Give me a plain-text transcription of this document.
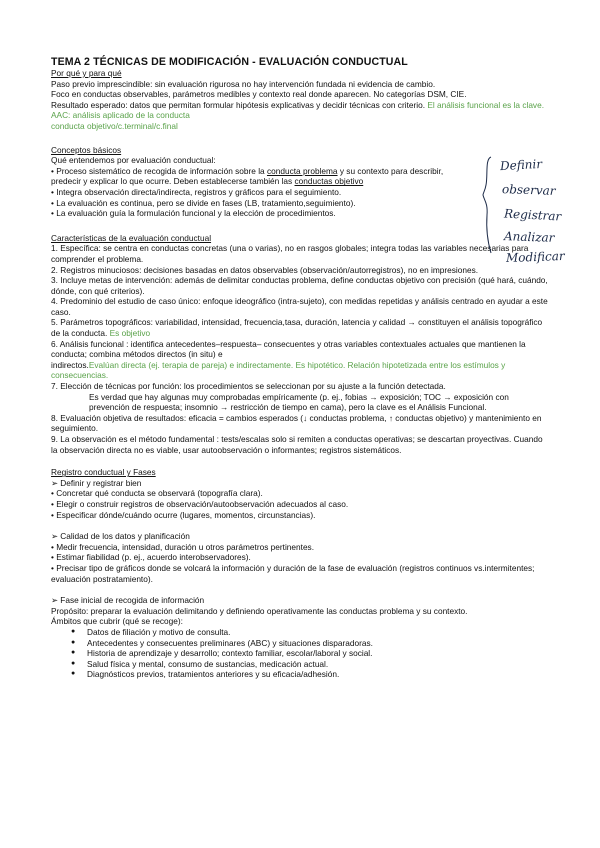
TEMA 2 TÉCNICAS DE MODIFICACIÓN - EVALUACIÓN CONDUCTUAL
Por qué y para qué
Paso previo imprescindible: sin evaluación rigurosa no hay intervención fundada ni evidencia de cambio.
Foco en conductas observables, parámetros medibles y contexto real donde aparecen. No categorías DSM, CIE.
Resultado esperado: datos que permitan formular hipótesis explicativas y decidir técnicas con criterio. El análisis funcional es la clave.
AAC: análisis aplicado de la conducta
conducta objetivo/c.terminal/c.final
Conceptos básicos
Qué entendemos por evaluación conductual:
• Proceso sistemático de recogida de información sobre la conducta problema y su contexto para describir, predecir y explicar lo que ocurre. Deben establecerse también las conductas objetivo
• Integra observación directa/indirecta, registros y gráficos para el seguimiento.
• La evaluación es continua, pero se divide en fases (LB, tratamiento,seguimiento).
• La evaluación guía la formulación funcional y la elección de procedimientos.
Características de la evaluación conductual
1. Específica: se centra en conductas concretas (una o varias), no en rasgos globales; integra todas las variables necesarias para comprender el problema.
2. Registros minuciosos: decisiones basadas en datos observables (observación/autorregistros), no en impresiones.
3. Incluye metas de intervención: además de delimitar conductas problema, define conductas objetivo con precisión (qué hará, cuándo, dónde, con qué criterios).
4. Predominio del estudio de caso único: enfoque ideográfico (intra-sujeto), con medidas repetidas y análisis centrado en ayudar a este caso.
5. Parámetros topográficos: variabilidad, intensidad, frecuencia,tasa, duración, latencia y calidad → constituyen el análisis topográfico de la conducta. Es objetivo
6. Análisis funcional : identifica antecedentes–respuesta– consecuentes y otras variables contextuales actuales que mantienen la conducta; combina métodos directos (in situ) e
indirectos.Evalúan directa (ej. terapia de pareja) e indirectamente. Es hipotético. Relación hipotetizada entre los estímulos y consecuencias.
7. Elección de técnicas por función: los procedimientos se seleccionan por su ajuste a la función detectada.
Es verdad que hay algunas muy comprobadas empíricamente (p. ej., fobias → exposición; TOC → exposición con prevención de respuesta; insomnio → restricción de tiempo en cama), pero la clave es el Análisis Funcional.
8. Evaluación objetiva de resultados: eficacia = cambios esperados (↓ conductas problema, ↑ conductas objetivo) y mantenimiento en seguimiento.
9. La observación es el método fundamental : tests/escalas solo si remiten a conductas operativas; se descartan proyectivas. Cuando la observación directa no es viable, usar autoobservación o informantes; registros sistemáticos.
Registro conductual y Fases
➢ Definir y registrar bien
• Concretar qué conducta se observará (topografía clara).
• Elegir o construir registros de observación/autoobservación adecuados al caso.
• Especificar dónde/cuándo ocurre (lugares, momentos, circunstancias).
➢ Calidad de los datos y planificación
• Medir frecuencia, intensidad, duración u otros parámetros pertinentes.
• Estimar fiabilidad (p. ej., acuerdo interobservadores).
• Precisar tipo de gráficos donde se volcará la información y duración de la fase de evaluación (registros continuos vs.intermitentes; evaluación postratamiento).
➢ Fase inicial de recogida de información
Propósito: preparar la evaluación delimitando y definiendo operativamente las conductas problema y su contexto.
Ámbitos que cubrir (qué se recoge):
● Datos de filiación y motivo de consulta.
● Antecedentes y consecuentes preliminares (ABC) y situaciones disparadoras.
● Historia de aprendizaje y desarrollo; contexto familiar, escolar/laboral y social.
● Salud física y mental, consumo de sustancias, medicación actual.
● Diagnósticos previos, tratamientos anteriores y su eficacia/adhesión.
Definir
observar
Registrar
Analizar
Modificar
